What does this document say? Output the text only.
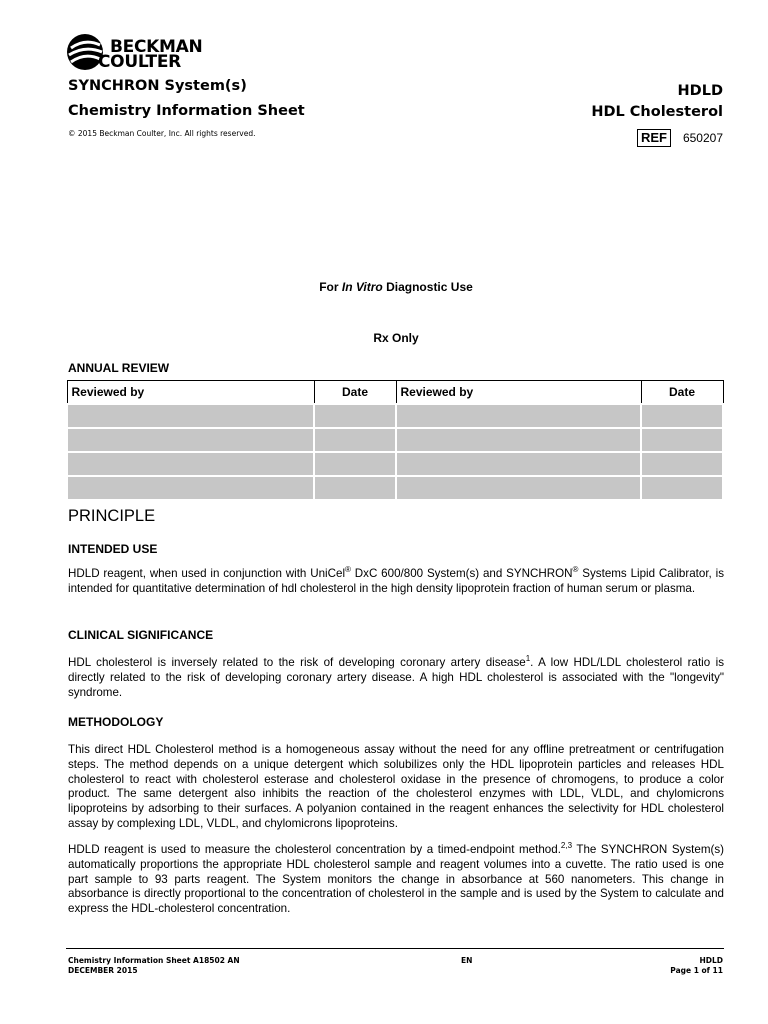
BECKMAN
COULTER
SYNCHRON System(s)
Chemistry Information Sheet
© 2015 Beckman Coulter, Inc. All rights reserved.
HDLD
HDL Cholesterol
REF	650207
For In Vitro Diagnostic Use
Rx Only
ANNUAL REVIEW
Reviewed by	Date	Reviewed by	Date

PRINCIPLE
INTENDED USE
HDLD reagent, when used in conjunction with UniCel® DxC 600/800 System(s) and SYNCHRON® Systems Lipid Calibrator, is intended for quantitative determination of hdl cholesterol in the high density lipoprotein fraction of human serum or plasma.
CLINICAL SIGNIFICANCE
HDL cholesterol is inversely related to the risk of developing coronary artery disease$^1$. A low HDL/LDL cholesterol ratio is directly related to the risk of developing coronary artery disease. A high HDL cholesterol is associated with the "longevity" syndrome.
METHODOLOGY
This direct HDL Cholesterol method is a homogeneous assay without the need for any offline pretreatment or centrifugation steps. The method depends on a unique detergent which solubilizes only the HDL lipoprotein particles and releases HDL cholesterol to react with cholesterol esterase and cholesterol oxidase in the presence of chromogens, to produce a color product. The same detergent also inhibits the reaction of the cholesterol enzymes with LDL, VLDL, and chylomicrons lipoproteins by adsorbing to their surfaces. A polyanion contained in the reagent enhances the selectivity for HDL cholesterol assay by complexing LDL, VLDL, and chylomicrons lipoproteins.
HDLD reagent is used to measure the cholesterol concentration by a timed-endpoint method.$^{2,3}$ The SYNCHRON System(s) automatically proportions the appropriate HDL cholesterol sample and reagent volumes into a cuvette. The ratio used is one part sample to 93 parts reagent. The System monitors the change in absorbance at 560 nanometers. This change in absorbance is directly proportional to the concentration of cholesterol in the sample and is used by the System to calculate and express the HDL-cholesterol concentration.
Chemistry Information Sheet A18502 AN
DECEMBER 2015
EN	HDLD
Page 1 of 11
